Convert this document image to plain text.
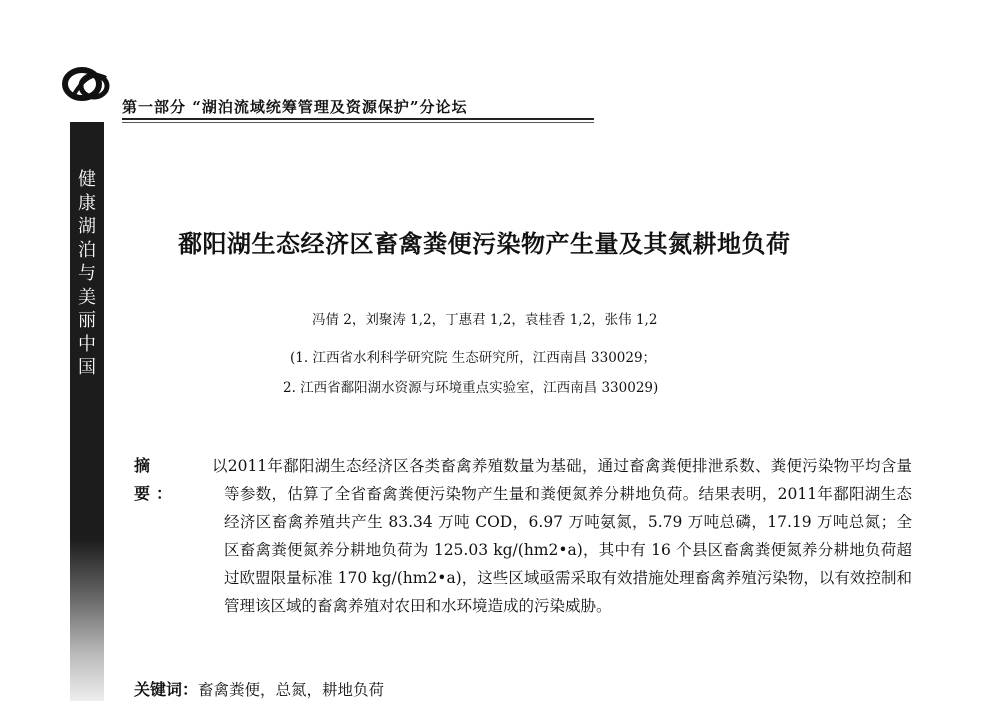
第一部分 “湖泊流域统筹管理及资源保护”分论坛
健
康
湖
泊
与
美
丽
中
国
鄱阳湖生态经济区畜禽粪便污染物产生量及其氮耕地负荷
冯倩 2，刘聚涛 1,2，丁惠君 1,2，袁桂香 1,2，张伟 1,2
(1. 江西省水利科学研究院 生态研究所，江西南昌 330029；
2. 江西省鄱阳湖水资源与环境重点实验室，江西南昌 330029)
摘 要：
以2011年鄱阳湖生态经济区各类畜禽养殖数量为基础，通过畜禽粪便排泄系数、粪便污染物平均含量等参数，估算了全省畜禽粪便污染物产生量和粪便氮养分耕地负荷。结果表明，2011年鄱阳湖生态经济区畜禽养殖共产生 83.34 万吨 COD，6.97 万吨氨氮，5.79 万吨总磷，17.19 万吨总氮；全区畜禽粪便氮养分耕地负荷为 125.03 kg/(hm2•a)，其中有 16 个县区畜禽粪便氮养分耕地负荷超过欧盟限量标准 170 kg/(hm2•a)，这些区域亟需采取有效措施处理畜禽养殖污染物，以有效控制和管理该区域的畜禽养殖对农田和水环境造成的污染威胁。
关键词：畜禽粪便，总氮，耕地负荷
